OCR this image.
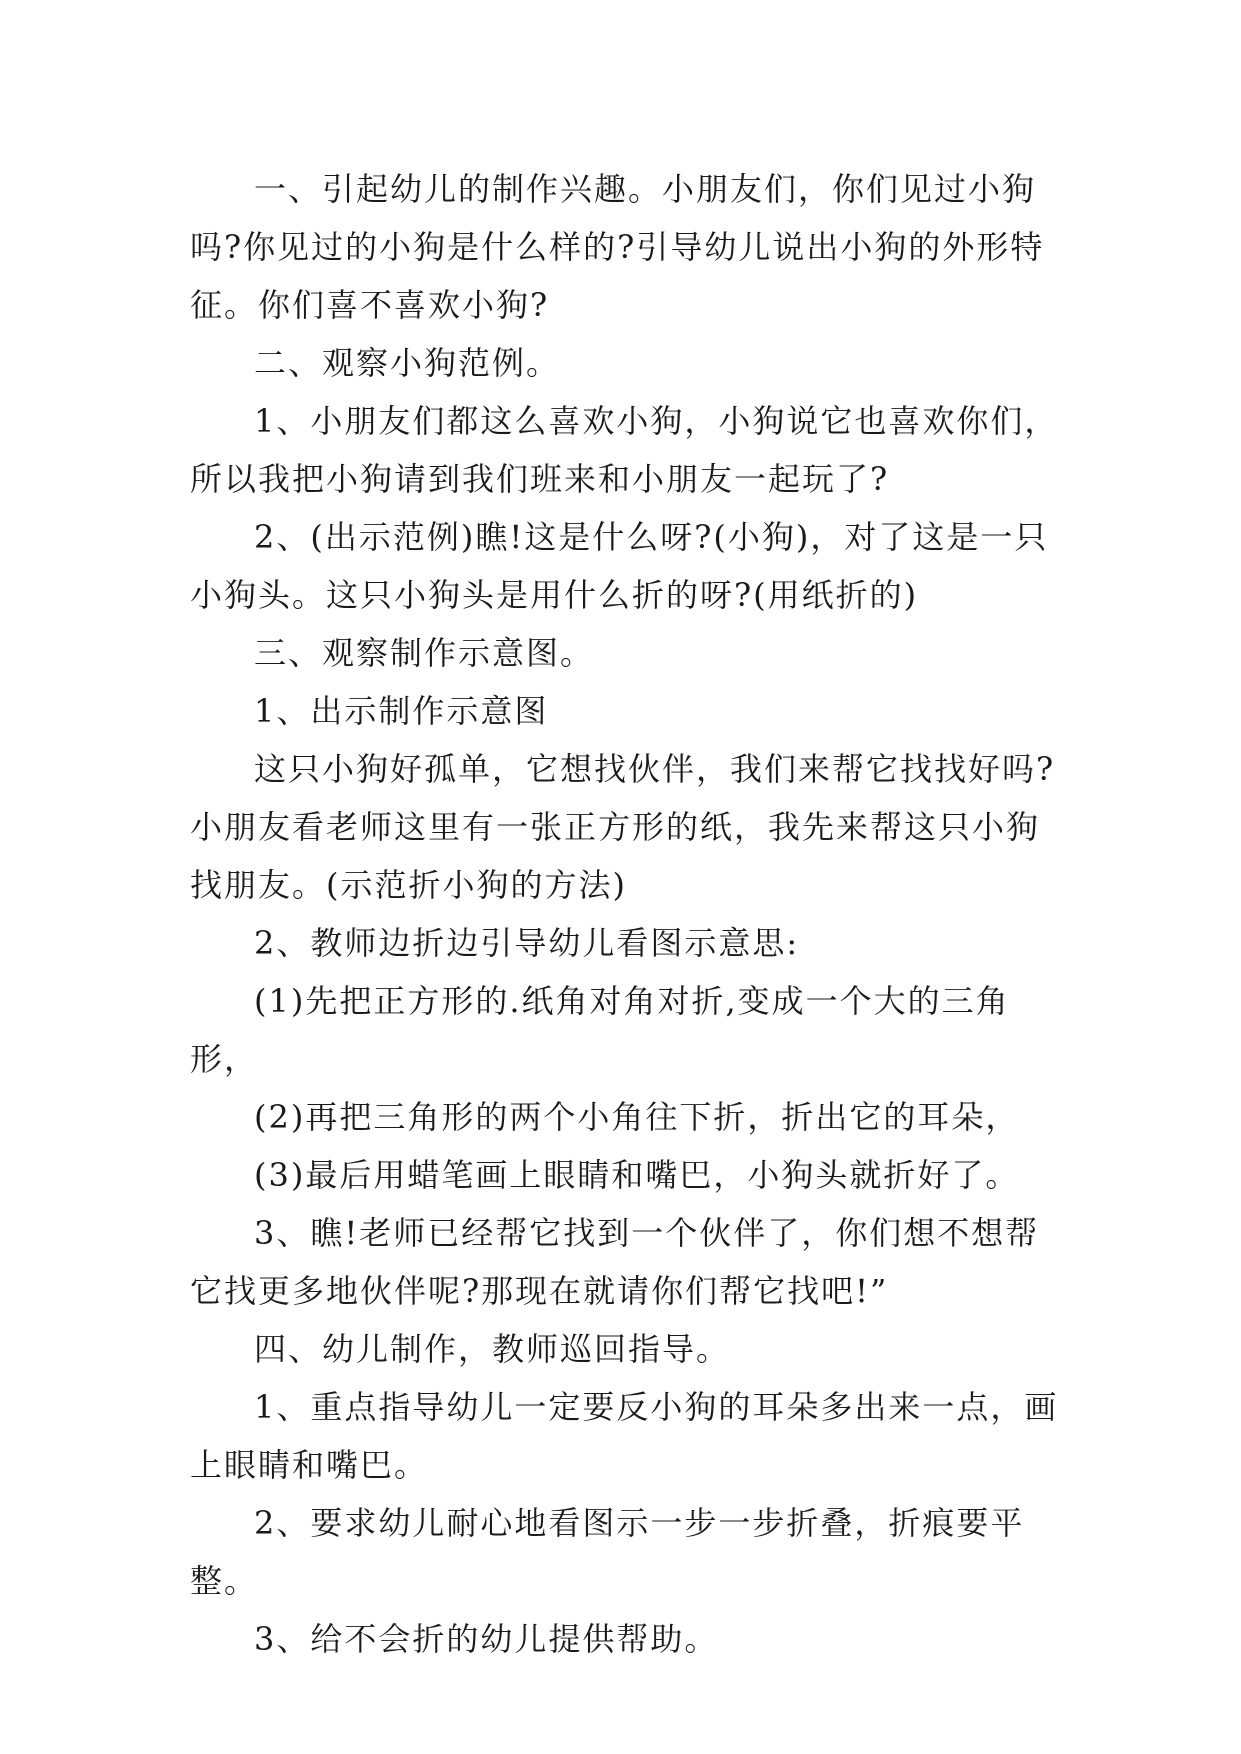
一、引起幼儿的制作兴趣。小朋友们，你们见过小狗吗?你见过的小狗是什么样的?引导幼儿说出小狗的外形特征。你们喜不喜欢小狗?

二、观察小狗范例。

1、小朋友们都这么喜欢小狗，小狗说它也喜欢你们，所以我把小狗请到我们班来和小朋友一起玩了?

2、(出示范例)瞧!这是什么呀?(小狗)，对了这是一只小狗头。这只小狗头是用什么折的呀?(用纸折的)

三、观察制作示意图。

1、出示制作示意图

这只小狗好孤单，它想找伙伴，我们来帮它找找好吗?小朋友看老师这里有一张正方形的纸，我先来帮这只小狗找朋友。(示范折小狗的方法)

2、教师边折边引导幼儿看图示意思:

(1)先把正方形的.纸角对角对折,变成一个大的三角形，

(2)再把三角形的两个小角往下折，折出它的耳朵，

(3)最后用蜡笔画上眼睛和嘴巴，小狗头就折好了。

3、瞧!老师已经帮它找到一个伙伴了，你们想不想帮它找更多地伙伴呢?那现在就请你们帮它找吧!”

四、幼儿制作，教师巡回指导。

1、重点指导幼儿一定要反小狗的耳朵多出来一点，画上眼睛和嘴巴。

2、要求幼儿耐心地看图示一步一步折叠，折痕要平整。

3、给不会折的幼儿提供帮助。
